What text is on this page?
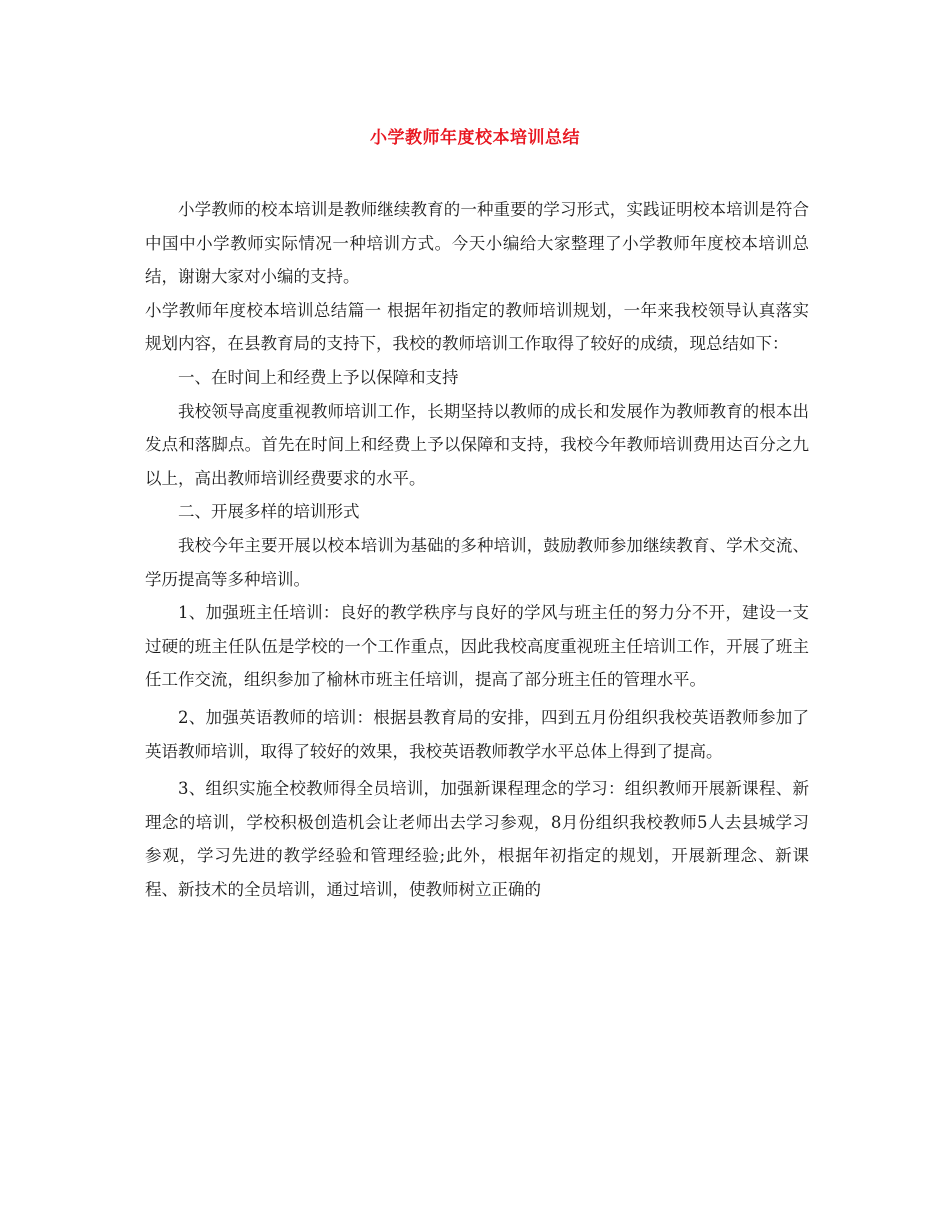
小学教师年度校本培训总结

小学教师的校本培训是教师继续教育的一种重要的学习形式，实践证明校本培训是符合中国中小学教师实际情况一种培训方式。今天小编给大家整理了小学教师年度校本培训总结，谢谢大家对小编的支持。

小学教师年度校本培训总结篇一 根据年初指定的教师培训规划，一年来我校领导认真落实规划内容，在县教育局的支持下，我校的教师培训工作取得了较好的成绩，现总结如下：

一、在时间上和经费上予以保障和支持

我校领导高度重视教师培训工作，长期坚持以教师的成长和发展作为教师教育的根本出发点和落脚点。首先在时间上和经费上予以保障和支持，我校今年教师培训费用达百分之九以上，高出教师培训经费要求的水平。

二、开展多样的培训形式

我校今年主要开展以校本培训为基础的多种培训，鼓励教师参加继续教育、学术交流、学历提高等多种培训。

1、加强班主任培训：良好的教学秩序与良好的学风与班主任的努力分不开，建设一支过硬的班主任队伍是学校的一个工作重点，因此我校高度重视班主任培训工作，开展了班主任工作交流，组织参加了榆林市班主任培训，提高了部分班主任的管理水平。

2、加强英语教师的培训：根据县教育局的安排，四到五月份组织我校英语教师参加了英语教师培训，取得了较好的效果，我校英语教师教学水平总体上得到了提高。

3、组织实施全校教师得全员培训，加强新课程理念的学习：组织教师开展新课程、新理念的培训，学校积极创造机会让老师出去学习参观，8月份组织我校教师5人去县城学习参观，学习先进的教学经验和管理经验;此外，根据年初指定的规划，开展新理念、新课程、新技术的全员培训，通过培训，使教师树立正确的
